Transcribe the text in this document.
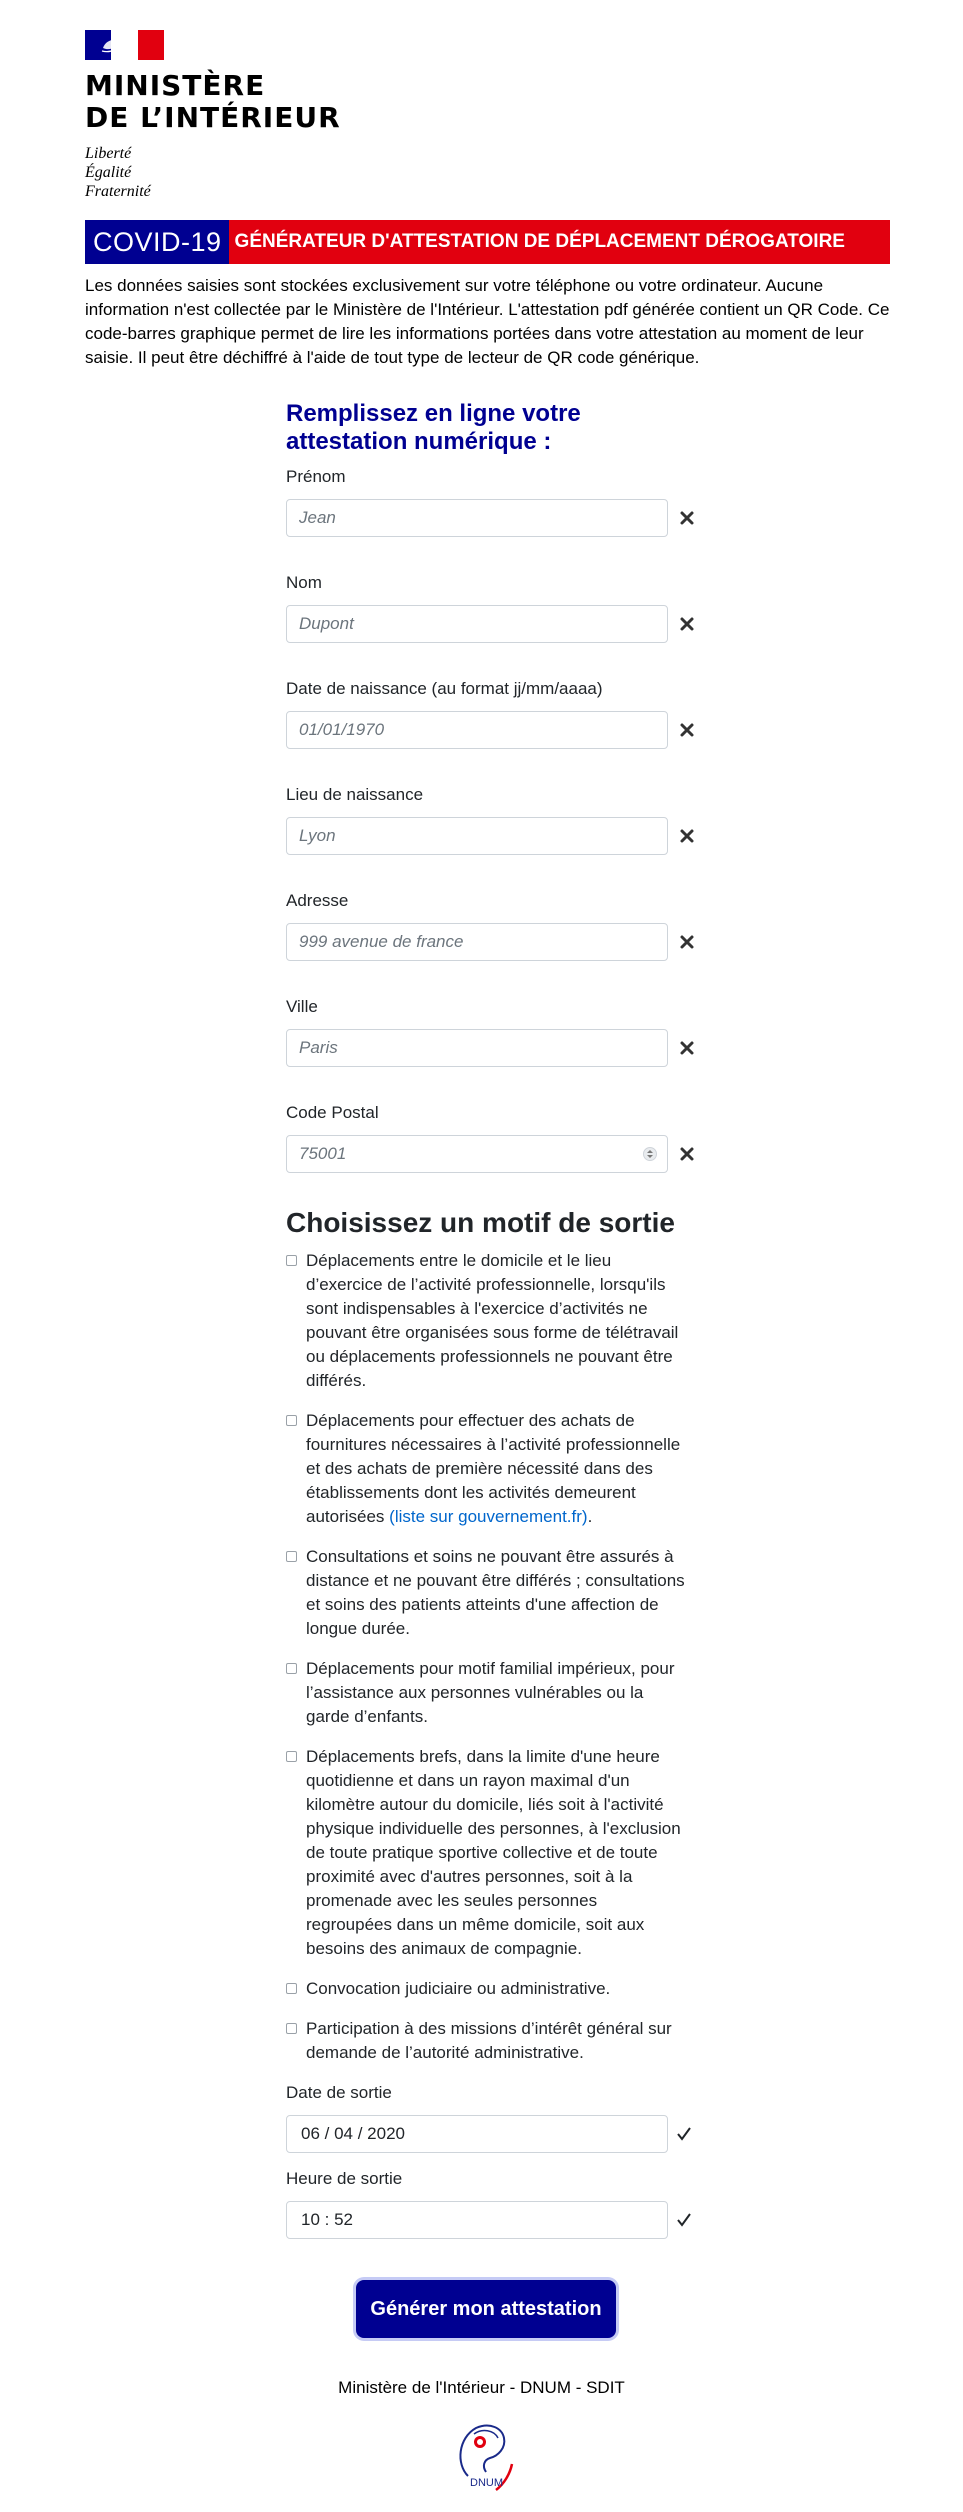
MINISTÈRE
DE L’INTÉRIEUR
Liberté
Égalité
Fraternité
COVID-19 GÉNÉRATEUR D'ATTESTATION DE DÉPLACEMENT DÉROGATOIRE

Les données saisies sont stockées exclusivement sur votre téléphone ou votre ordinateur. Aucune information n'est collectée par le Ministère de l'Intérieur. L'attestation pdf générée contient un QR Code. Ce code-barres graphique permet de lire les informations portées dans votre attestation au moment de leur saisie. Il peut être déchiffré à l'aide de tout type de lecteur de QR code générique.

Remplissez en ligne votre
attestation numérique :
Prénom
Jean
Nom
Dupont
Date de naissance (au format jj/mm/aaaa)
01/01/1970
Lieu de naissance
Lyon
Adresse
999 avenue de france
Ville
Paris
Code Postal
75001
Choisissez un motif de sortie
Déplacements entre le domicile et le lieu d’exercice de l’activité professionnelle, lorsqu'ils sont indispensables à l'exercice d’activités ne pouvant être organisées sous forme de télétravail ou déplacements professionnels ne pouvant être différés.
Déplacements pour effectuer des achats de fournitures nécessaires à l’activité professionnelle et des achats de première nécessité dans des établissements dont les activités demeurent autorisées (liste sur gouvernement.fr).
Consultations et soins ne pouvant être assurés à distance et ne pouvant être différés ; consultations et soins des patients atteints d'une affection de longue durée.
Déplacements pour motif familial impérieux, pour l’assistance aux personnes vulnérables ou la garde d’enfants.
Déplacements brefs, dans la limite d'une heure quotidienne et dans un rayon maximal d'un kilomètre autour du domicile, liés soit à l'activité physique individuelle des personnes, à l'exclusion de toute pratique sportive collective et de toute proximité avec d'autres personnes, soit à la promenade avec les seules personnes regroupées dans un même domicile, soit aux besoins des animaux de compagnie.
Convocation judiciaire ou administrative.
Participation à des missions d’intérêt général sur demande de l’autorité administrative.
Date de sortie
06 / 04 / 2020
Heure de sortie
10 : 52
Générer mon attestation
Ministère de l'Intérieur - DNUM - SDIT
DNUM
